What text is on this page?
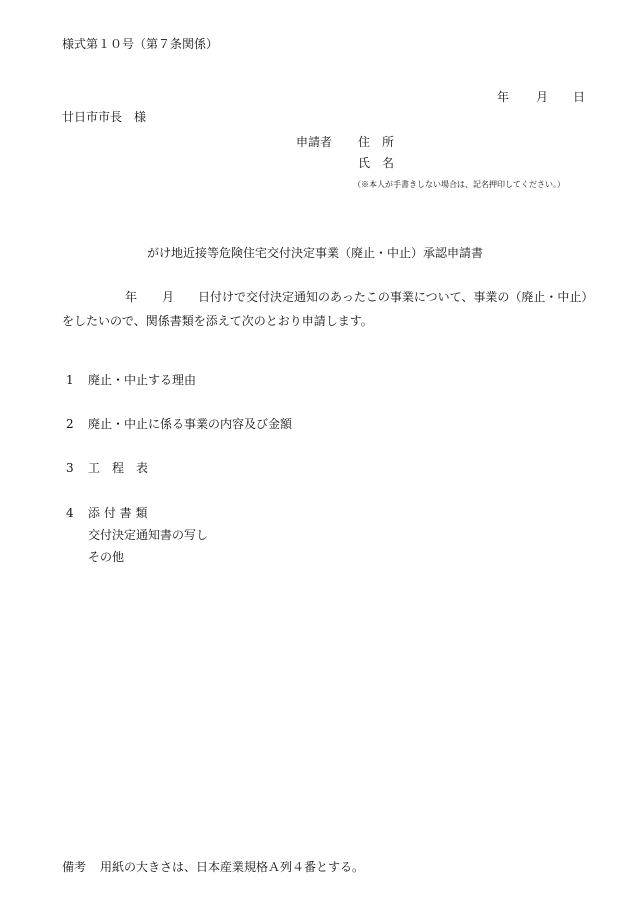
様式第１０号（第７条関係）
年 月 日
廿日市市長　様
申請者 住　所
氏　名
（※本人が手書きしない場合は、記名押印してください。）
がけ地近接等危険住宅交付決定事業（廃止・中止）承認申請書
年 月 日付けで交付決定通知のあったこの事業について、事業の（廃止・中止）
をしたいので、関係書類を添えて次のとおり申請します。
1 廃止・中止する理由
2 廃止・中止に係る事業の内容及び金額
3 工　程　表
4 添 付 書 類
交付決定通知書の写し
その他
備考 用紙の大きさは、日本産業規格Ａ列４番とする。
